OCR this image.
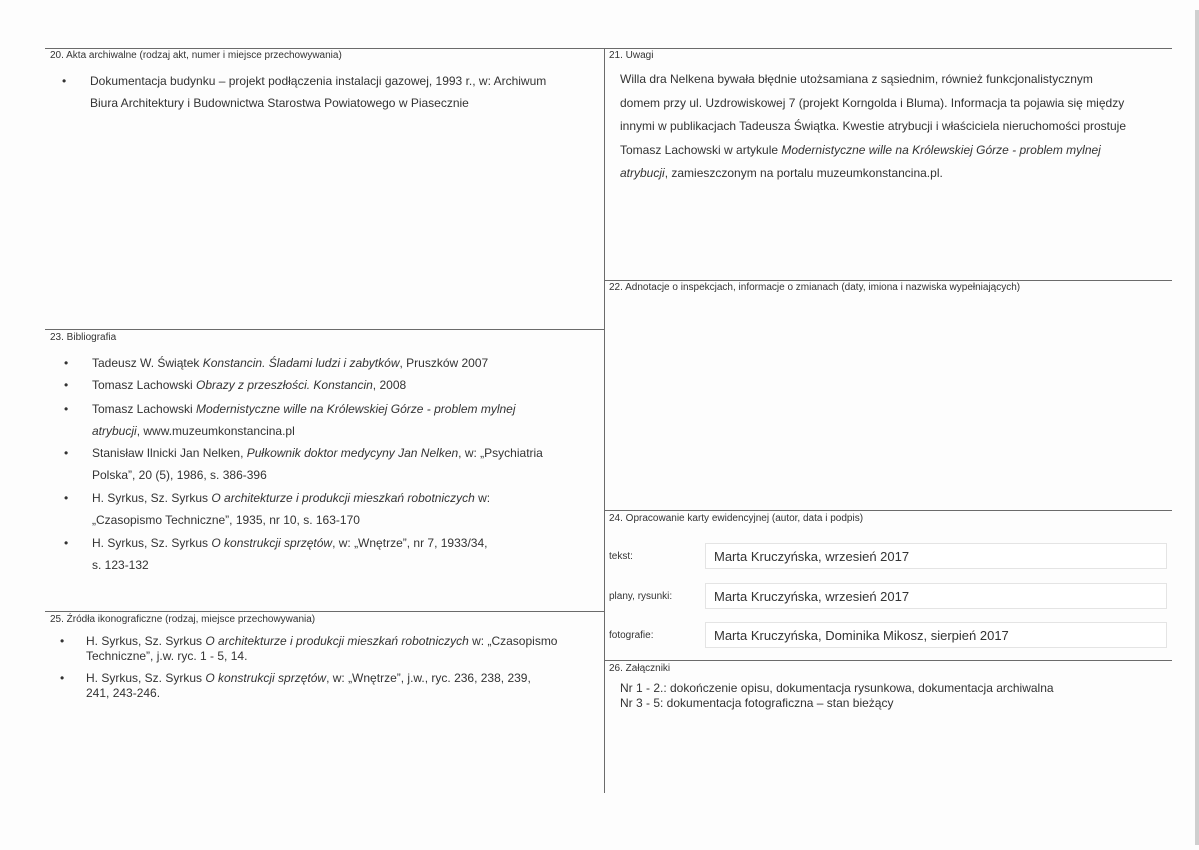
20. Akta archiwalne (rodzaj akt, numer i miejsce przechowywania)
• Dokumentacja budynku – projekt podłączenia instalacji gazowej, 1993 r., w: Archiwum
Biura Architektury i Budownictwa Starostwa Powiatowego w Piasecznie
21. Uwagi
Willa dra Nelkena bywała błędnie utożsamiana z sąsiednim, również funkcjonalistycznym
domem przy ul. Uzdrowiskowej 7 (projekt Korngolda i Bluma). Informacja ta pojawia się między
innymi w publikacjach Tadeusza Świątka. Kwestie atrybucji i właściciela nieruchomości prostuje
Tomasz Lachowski w artykule Modernistyczne wille na Królewskiej Górze - problem mylnej
atrybucji, zamieszczonym na portalu muzeumkonstancina.pl.
22. Adnotacje o inspekcjach, informacje o zmianach (daty, imiona i nazwiska wypełniających)
23. Bibliografia
• Tadeusz W. Świątek Konstancin. Śladami ludzi i zabytków, Pruszków 2007
• Tomasz Lachowski Obrazy z przeszłości. Konstancin, 2008
• Tomasz Lachowski Modernistyczne wille na Królewskiej Górze - problem mylnej
atrybucji, www.muzeumkonstancina.pl
• Stanisław Ilnicki Jan Nelken, Pułkownik doktor medycyny Jan Nelken, w: „Psychiatria
Polska”, 20 (5), 1986, s. 386-396
• H. Syrkus, Sz. Syrkus O architekturze i produkcji mieszkań robotniczych w:
„Czasopismo Techniczne”, 1935, nr 10, s. 163-170
• H. Syrkus, Sz. Syrkus O konstrukcji sprzętów, w: „Wnętrze”, nr 7, 1933/34,
s. 123-132
24. Opracowanie karty ewidencyjnej (autor, data i podpis)
tekst:	Marta Kruczyńska, wrzesień 2017
plany, rysunki:	Marta Kruczyńska, wrzesień 2017
fotografie:	Marta Kruczyńska, Dominika Mikosz, sierpień 2017
25. Źródła ikonograficzne (rodzaj, miejsce przechowywania)
• H. Syrkus, Sz. Syrkus O architekturze i produkcji mieszkań robotniczych w: „Czasopismo
Techniczne”, j.w. ryc. 1 - 5, 14.
• H. Syrkus, Sz. Syrkus O konstrukcji sprzętów, w: „Wnętrze”, j.w., ryc. 236, 238, 239,
241, 243-246.
26. Załączniki
Nr 1 - 2.: dokończenie opisu, dokumentacja rysunkowa, dokumentacja archiwalna
Nr 3 - 5: dokumentacja fotograficzna – stan bieżący
